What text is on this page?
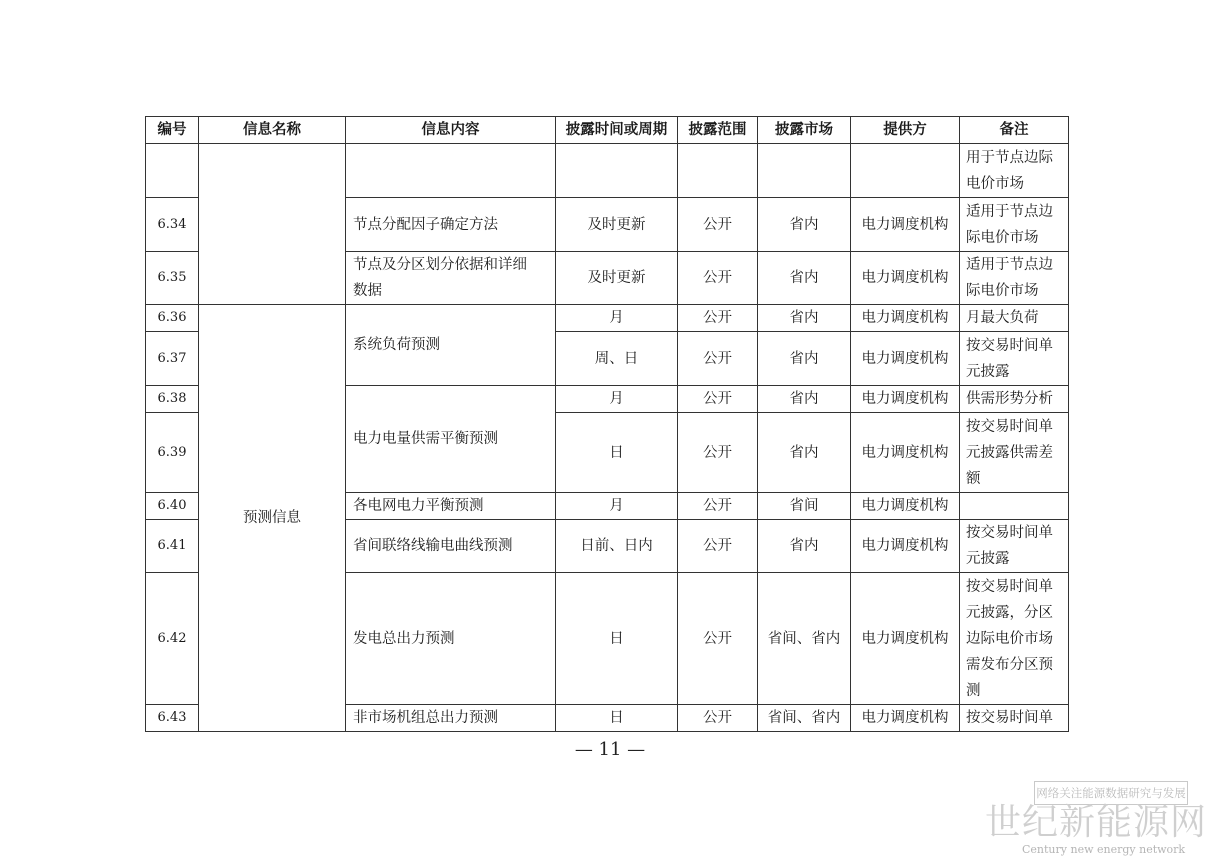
编号	信息名称	信息内容	披露时间或周期	披露范围	披露市场	提供方	备注

							用于节点边际
电价市场

6.34		节点分配因子确定方法	及时更新	公开	省内	电力调度机构	适用于节点边
际电价市场

6.35		节点及分区划分依据和详细
数据	及时更新	公开	省内	电力调度机构	适用于节点边
际电价市场

6.36	预测信息	系统负荷预测	月	公开	省内	电力调度机构	月最大负荷
6.37			周、日	公开	省内	电力调度机构	按交易时间单
元披露

6.38		电力电量供需平衡预测	月	公开	省内	电力调度机构	供需形势分析
6.39			日	公开	省内	电力调度机构	按交易时间单
元披露供需差
额

6.40		各电网电力平衡预测	月	公开	省间	电力调度机构	
6.41		省间联络线输电曲线预测	日前、日内	公开	省内	电力调度机构	按交易时间单
元披露

6.42		发电总出力预测	日	公开	省间、省内	电力调度机构	按交易时间单
元披露，分区
边际电价市场
需发布分区预
测

6.43		非市场机组总出力预测	日	公开	省间、省内	电力调度机构	按交易时间单
— 11 —
网络关注能源数据研究与发展
世纪新能源网
Century new energy network
